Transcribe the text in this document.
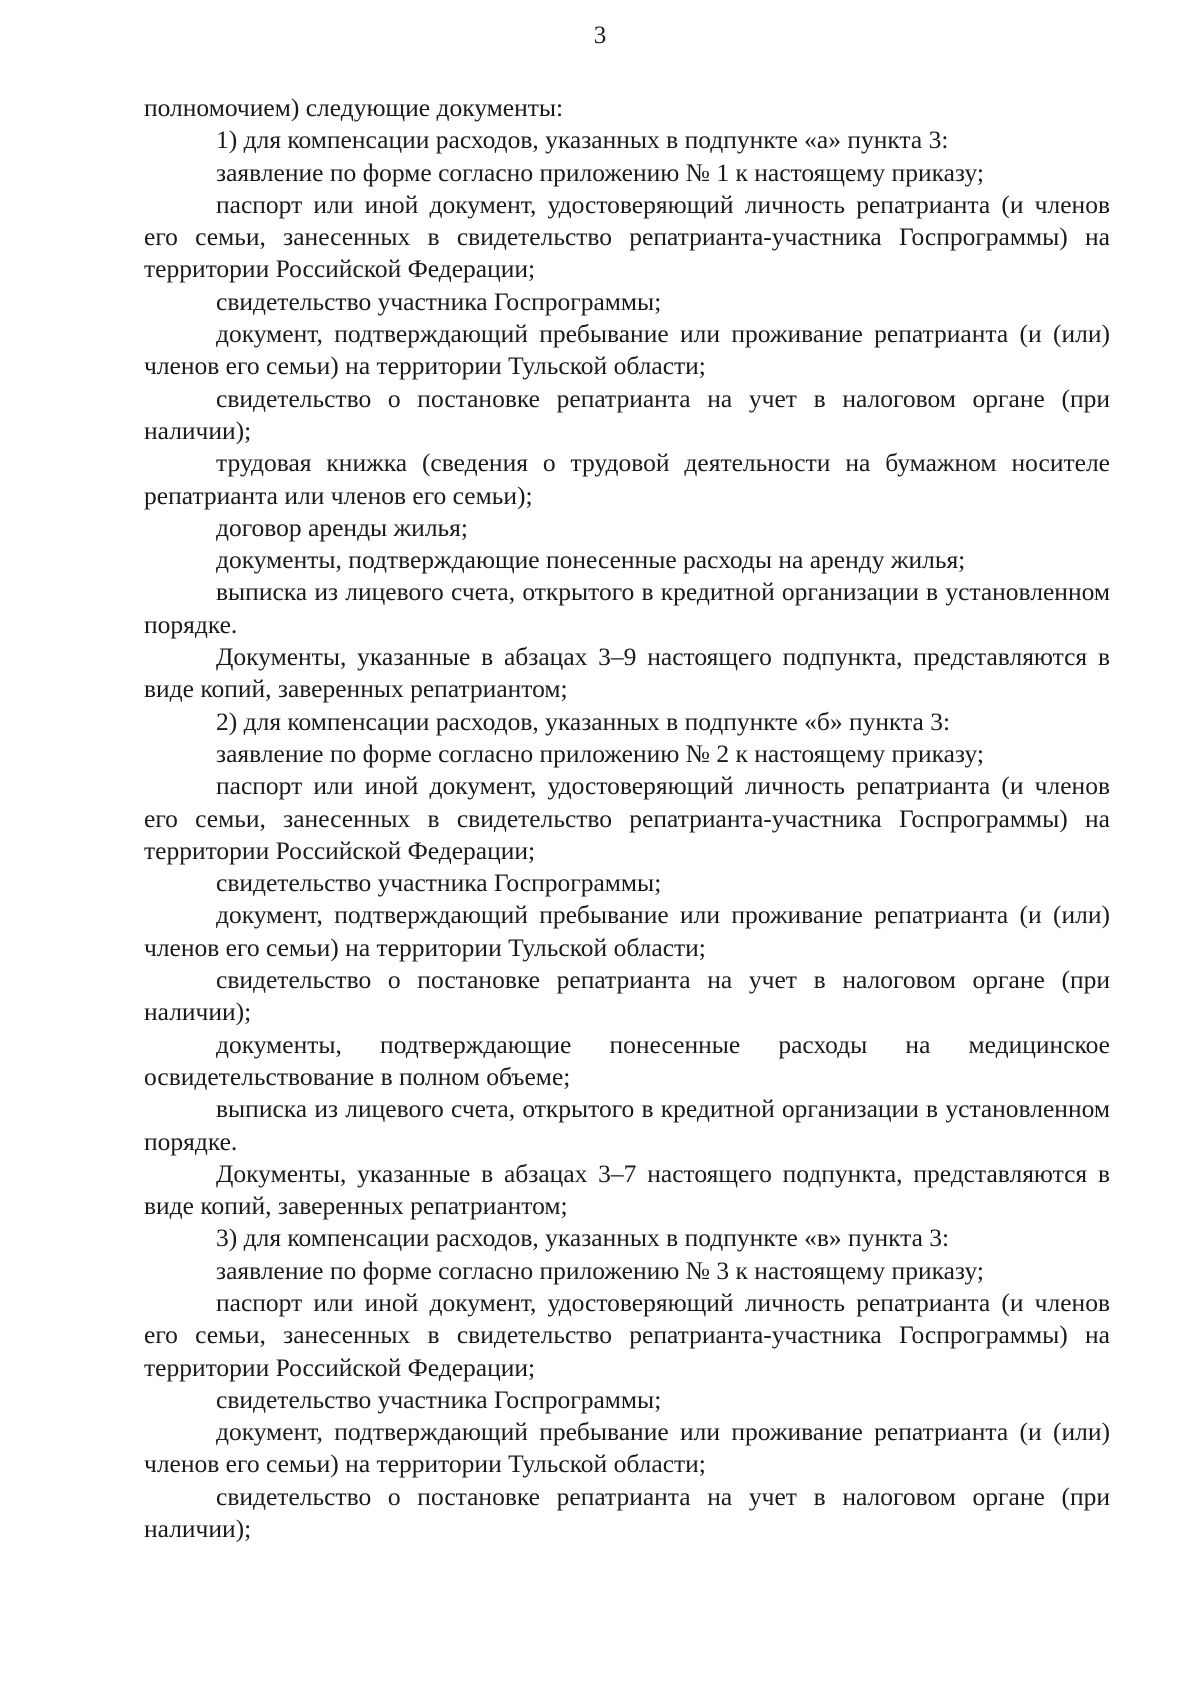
3

полномочием) следующие документы:

1) для компенсации расходов, указанных в подпункте «а» пункта 3:

заявление по форме согласно приложению № 1 к настоящему приказу;

паспорт или иной документ, удостоверяющий личность репатрианта (и членов его семьи, занесенных в свидетельство репатрианта-участника Госпрограммы) на территории Российской Федерации;

свидетельство участника Госпрограммы;

документ, подтверждающий пребывание или проживание репатрианта (и (или) членов его семьи) на территории Тульской области;

свидетельство о постановке репатрианта на учет в налоговом органе (при наличии);

трудовая книжка (сведения о трудовой деятельности на бумажном носителе репатрианта или членов его семьи);

договор аренды жилья;

документы, подтверждающие понесенные расходы на аренду жилья;

выписка из лицевого счета, открытого в кредитной организации в установленном порядке.

Документы, указанные в абзацах 3–9 настоящего подпункта, представляются в виде копий, заверенных репатриантом;

2) для компенсации расходов, указанных в подпункте «б» пункта 3:

заявление по форме согласно приложению № 2 к настоящему приказу;

паспорт или иной документ, удостоверяющий личность репатрианта (и членов его семьи, занесенных в свидетельство репатрианта-участника Госпрограммы) на территории Российской Федерации;

свидетельство участника Госпрограммы;

документ, подтверждающий пребывание или проживание репатрианта (и (или) членов его семьи) на территории Тульской области;

свидетельство о постановке репатрианта на учет в налоговом органе (при наличии);

документы, подтверждающие понесенные расходы на медицинское освидетельствование в полном объеме;

выписка из лицевого счета, открытого в кредитной организации в установленном порядке.

Документы, указанные в абзацах 3–7 настоящего подпункта, представляются в виде копий, заверенных репатриантом;

3) для компенсации расходов, указанных в подпункте «в» пункта 3:

заявление по форме согласно приложению № 3 к настоящему приказу;

паспорт или иной документ, удостоверяющий личность репатрианта (и членов его семьи, занесенных в свидетельство репатрианта-участника Госпрограммы) на территории Российской Федерации;

свидетельство участника Госпрограммы;

документ, подтверждающий пребывание или проживание репатрианта (и (или) членов его семьи) на территории Тульской области;

свидетельство о постановке репатрианта на учет в налоговом органе (при наличии);
